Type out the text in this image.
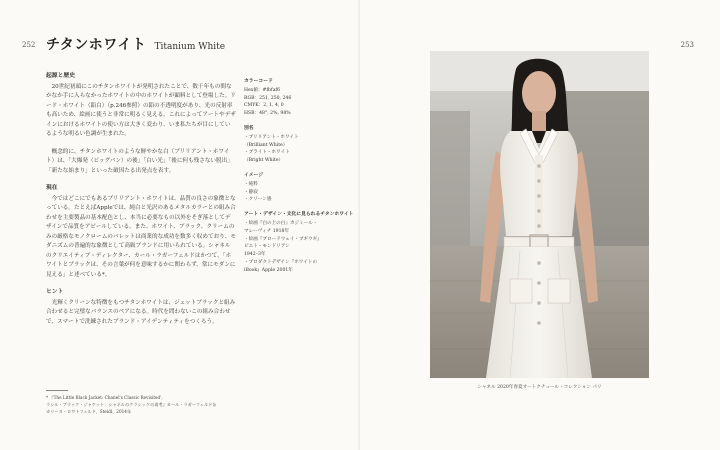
252 チタンホワイト Titanium White
起源と歴史

20世紀初頭にこのチタンホワイトが発明されたことで、数千年もの間なかなか手に入らなかったホワイトの中のホワイトが顕料として登場した。リード・ホワイト（鉛白）（p.246参照）の鉛の不透明度があり、光の反射率も高いため、絵画に使うと非常に明るく見える。これによってアートやデザインにおけるホワイトの使い方は大きく変わり、いま私たちが目にしているような明るい色調が生まれた。

概念的に、チタンホワイトのような鮮やかな白（ブリリアント・ホワイト）は、「大爆発（ビッグバン）の後」「白い光」「後に何も残さない脱出」「新たな始まり」といった破因たる出発点を表す。

現在

今ではどこにでもあるブリリアント・ホワイトは、品質の良さの象徴となっている。たとえばAppleでは、純白と光沢のあるメタルカラーとの組み合わせを主要製品の基本配色とし、本当に必要なもの以外をそぎ落としてデザインで品質をアピールしている。また、ホワイト、ブラック、クリームのみの厳格なモノクロームのパレットは商業的な成功を数多く収めており、モダニズムの普遍的な象徴として高級ブランドに用いられている。シャネルのクリエイティブ・ディレクター、カール・ラガーフェルドはかつて、「ホワイトとブラックは、その言葉が何を意味するかに関わらず、常にモダンに見える」と述べている*。

ヒント

光輝くクリーンな特徴をもつチタンホワイトは、ジェットブラックと組み合わせると完璧なバランスのペアになる。時代を問わないこの組み合わせで、スマートで洗練されたブランド・アイデンティティをつくろう。

* 『The Little Black Jacket: Chanel's Classic Revisited',
ラシル・ブラック・ジャケット：シャネルのクラシックの再考』カール・ラガーフェルド＆
カリーヌ・ロワトフェルド、Steidl、2014年
カラーコード
Hex値：#fbfaf6
RGB：251, 250, 246
CMYK：2, 1, 4, 0
HSB：48°, 2%, 98%
別名
・ブリリアント・ホワイト
（Brilliant White）
・ブライト・ホワイト
（Bright White）
イメージ
・純粋
・静寂
・クリーン感
アート・デザイン・文化に見られるチタンホワイト
・絵画『白の上の白』カジミール・
マレーヴィチ 1918年
・絵画『ブロードウェイ・ブギウギ』
ピエト・モンドリアン
1942–3年
・プロダクトデザイン『ホワイトの
iBook』Apple 2001年
253
シャネル 2020年春夏オートクチュール・コレクション パリ
